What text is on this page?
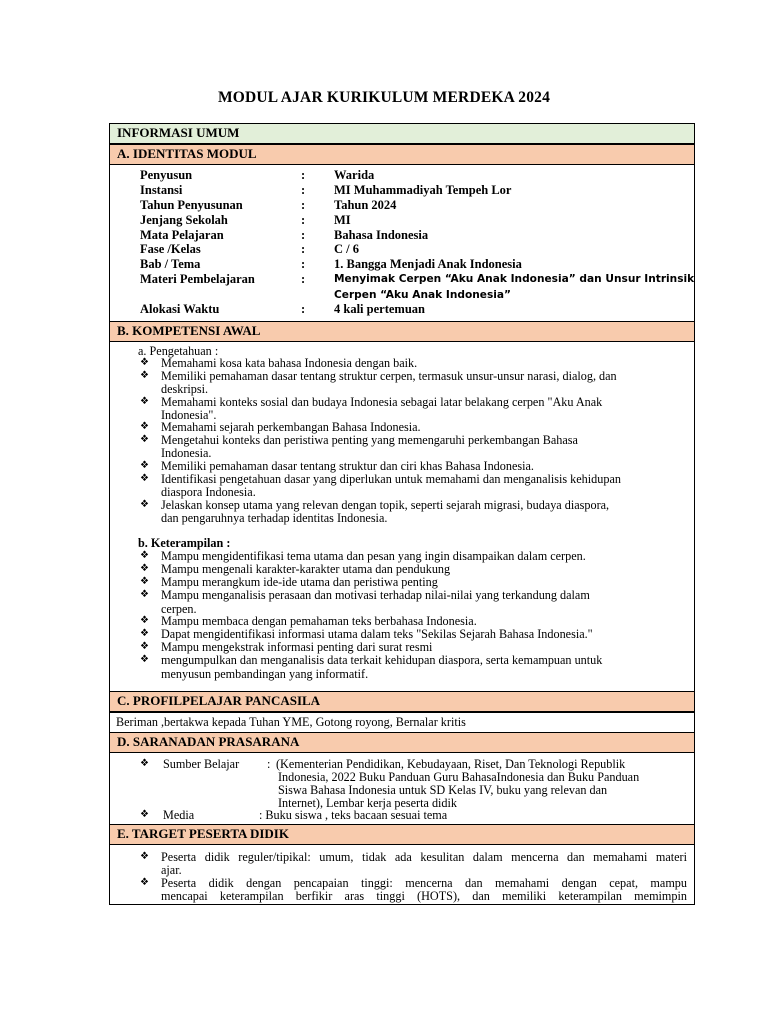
MODUL AJAR KURIKULUM MERDEKA 2024
INFORMASI UMUM
A. IDENTITAS MODUL
Penyusun	: Warida
Instansi	: MI Muhammadiyah Tempeh Lor
Tahun Penyusunan	: Tahun 2024
Jenjang Sekolah	: MI
Mata Pelajaran	: Bahasa Indonesia
Fase /Kelas	: C / 6
Bab / Tema	: 1. Bangga Menjadi Anak Indonesia
Materi Pembelajaran	:	Menyimak Cerpen “Aku Anak Indonesia” dan Unsur Intrinsik
Cerpen “Aku Anak Indonesia”
Alokasi Waktu	: 4 kali pertemuan
B. KOMPETENSI AWAL
a. Pengetahuan :
❖ Memahami kosa kata bahasa Indonesia dengan baik.
❖ Memiliki pemahaman dasar tentang struktur cerpen, termasuk unsur-unsur narasi, dialog, dan
deskripsi.
❖ Memahami konteks sosial dan budaya Indonesia sebagai latar belakang cerpen "Aku Anak
Indonesia".
❖ Memahami sejarah perkembangan Bahasa Indonesia.
❖ Mengetahui konteks dan peristiwa penting yang memengaruhi perkembangan Bahasa
Indonesia.
❖ Memiliki pemahaman dasar tentang struktur dan ciri khas Bahasa Indonesia.
❖ Identifikasi pengetahuan dasar yang diperlukan untuk memahami dan menganalisis kehidupan
diaspora Indonesia.
❖ Jelaskan konsep utama yang relevan dengan topik, seperti sejarah migrasi, budaya diaspora,
dan pengaruhnya terhadap identitas Indonesia.
b. Keterampilan :
❖ Mampu mengidentifikasi tema utama dan pesan yang ingin disampaikan dalam cerpen.
❖ Mampu mengenali karakter-karakter utama dan pendukung
❖ Mampu merangkum ide-ide utama dan peristiwa penting
❖ Mampu menganalisis perasaan dan motivasi terhadap nilai-nilai yang terkandung dalam
cerpen.
❖ Mampu membaca dengan pemahaman teks berbahasa Indonesia.
❖ Dapat mengidentifikasi informasi utama dalam teks "Sekilas Sejarah Bahasa Indonesia."
❖ Mampu mengekstrak informasi penting dari surat resmi
❖ mengumpulkan dan menganalisis data terkait kehidupan diaspora, serta kemampuan untuk
menyusun pembandingan yang informatif.
C. PROFILPELAJAR PANCASILA
Beriman ,bertakwa kepada Tuhan YME, Gotong royong, Bernalar kritis
D. SARANADAN PRASARANA
❖ Sumber Belajar : (Kementerian Pendidikan, Kebudayaan, Riset, Dan Teknologi Republik
Indonesia, 2022 Buku Panduan Guru BahasaIndonesia dan Buku Panduan
Siswa Bahasa Indonesia untuk SD Kelas IV, buku yang relevan dan
Internet), Lembar kerja peserta didik
❖ Media	: Buku siswa , teks bacaan sesuai tema
E. TARGET PESERTA DIDIK
❖ Peserta didik reguler/tipikal: umum, tidak ada kesulitan dalam mencerna dan memahami materi
ajar.
❖ Peserta didik dengan pencapaian tinggi: mencerna dan memahami dengan cepat, mampu
mencapai keterampilan berfikir aras tinggi (HOTS), dan memiliki keterampilan memimpin
